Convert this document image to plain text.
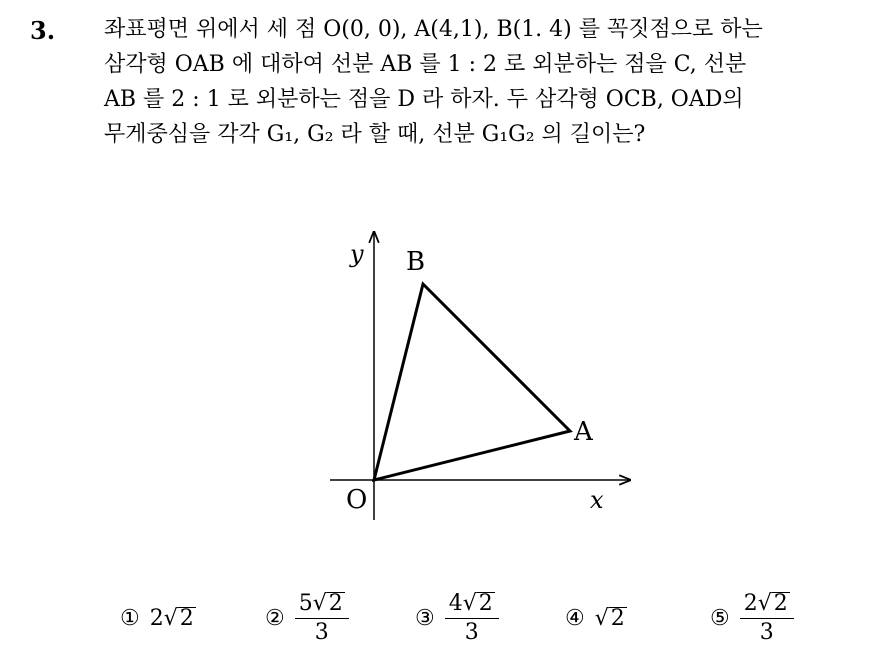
3. 좌표평면 위에서 세 점 O(0, 0), A(4,1), B(1. 4) 를 꼭짓점으로 하는
삼각형 OAB 에 대하여 선분 AB 를 1 : 2 로 외분하는 점을 C, 선분
AB 를 2 : 1 로 외분하는 점을 D 라 하자. 두 삼각형 OCB, OAD의
무게중심을 각각 G₁, G₂ 라 할 때, 선분 G₁G₂ 의 길이는?
y
x
O
A
B
① 2√2	② $\frac{5√2}{3}$	③ $\frac{4√2}{3}$	④ √2	⑤ $\frac{2√2}{3}$
